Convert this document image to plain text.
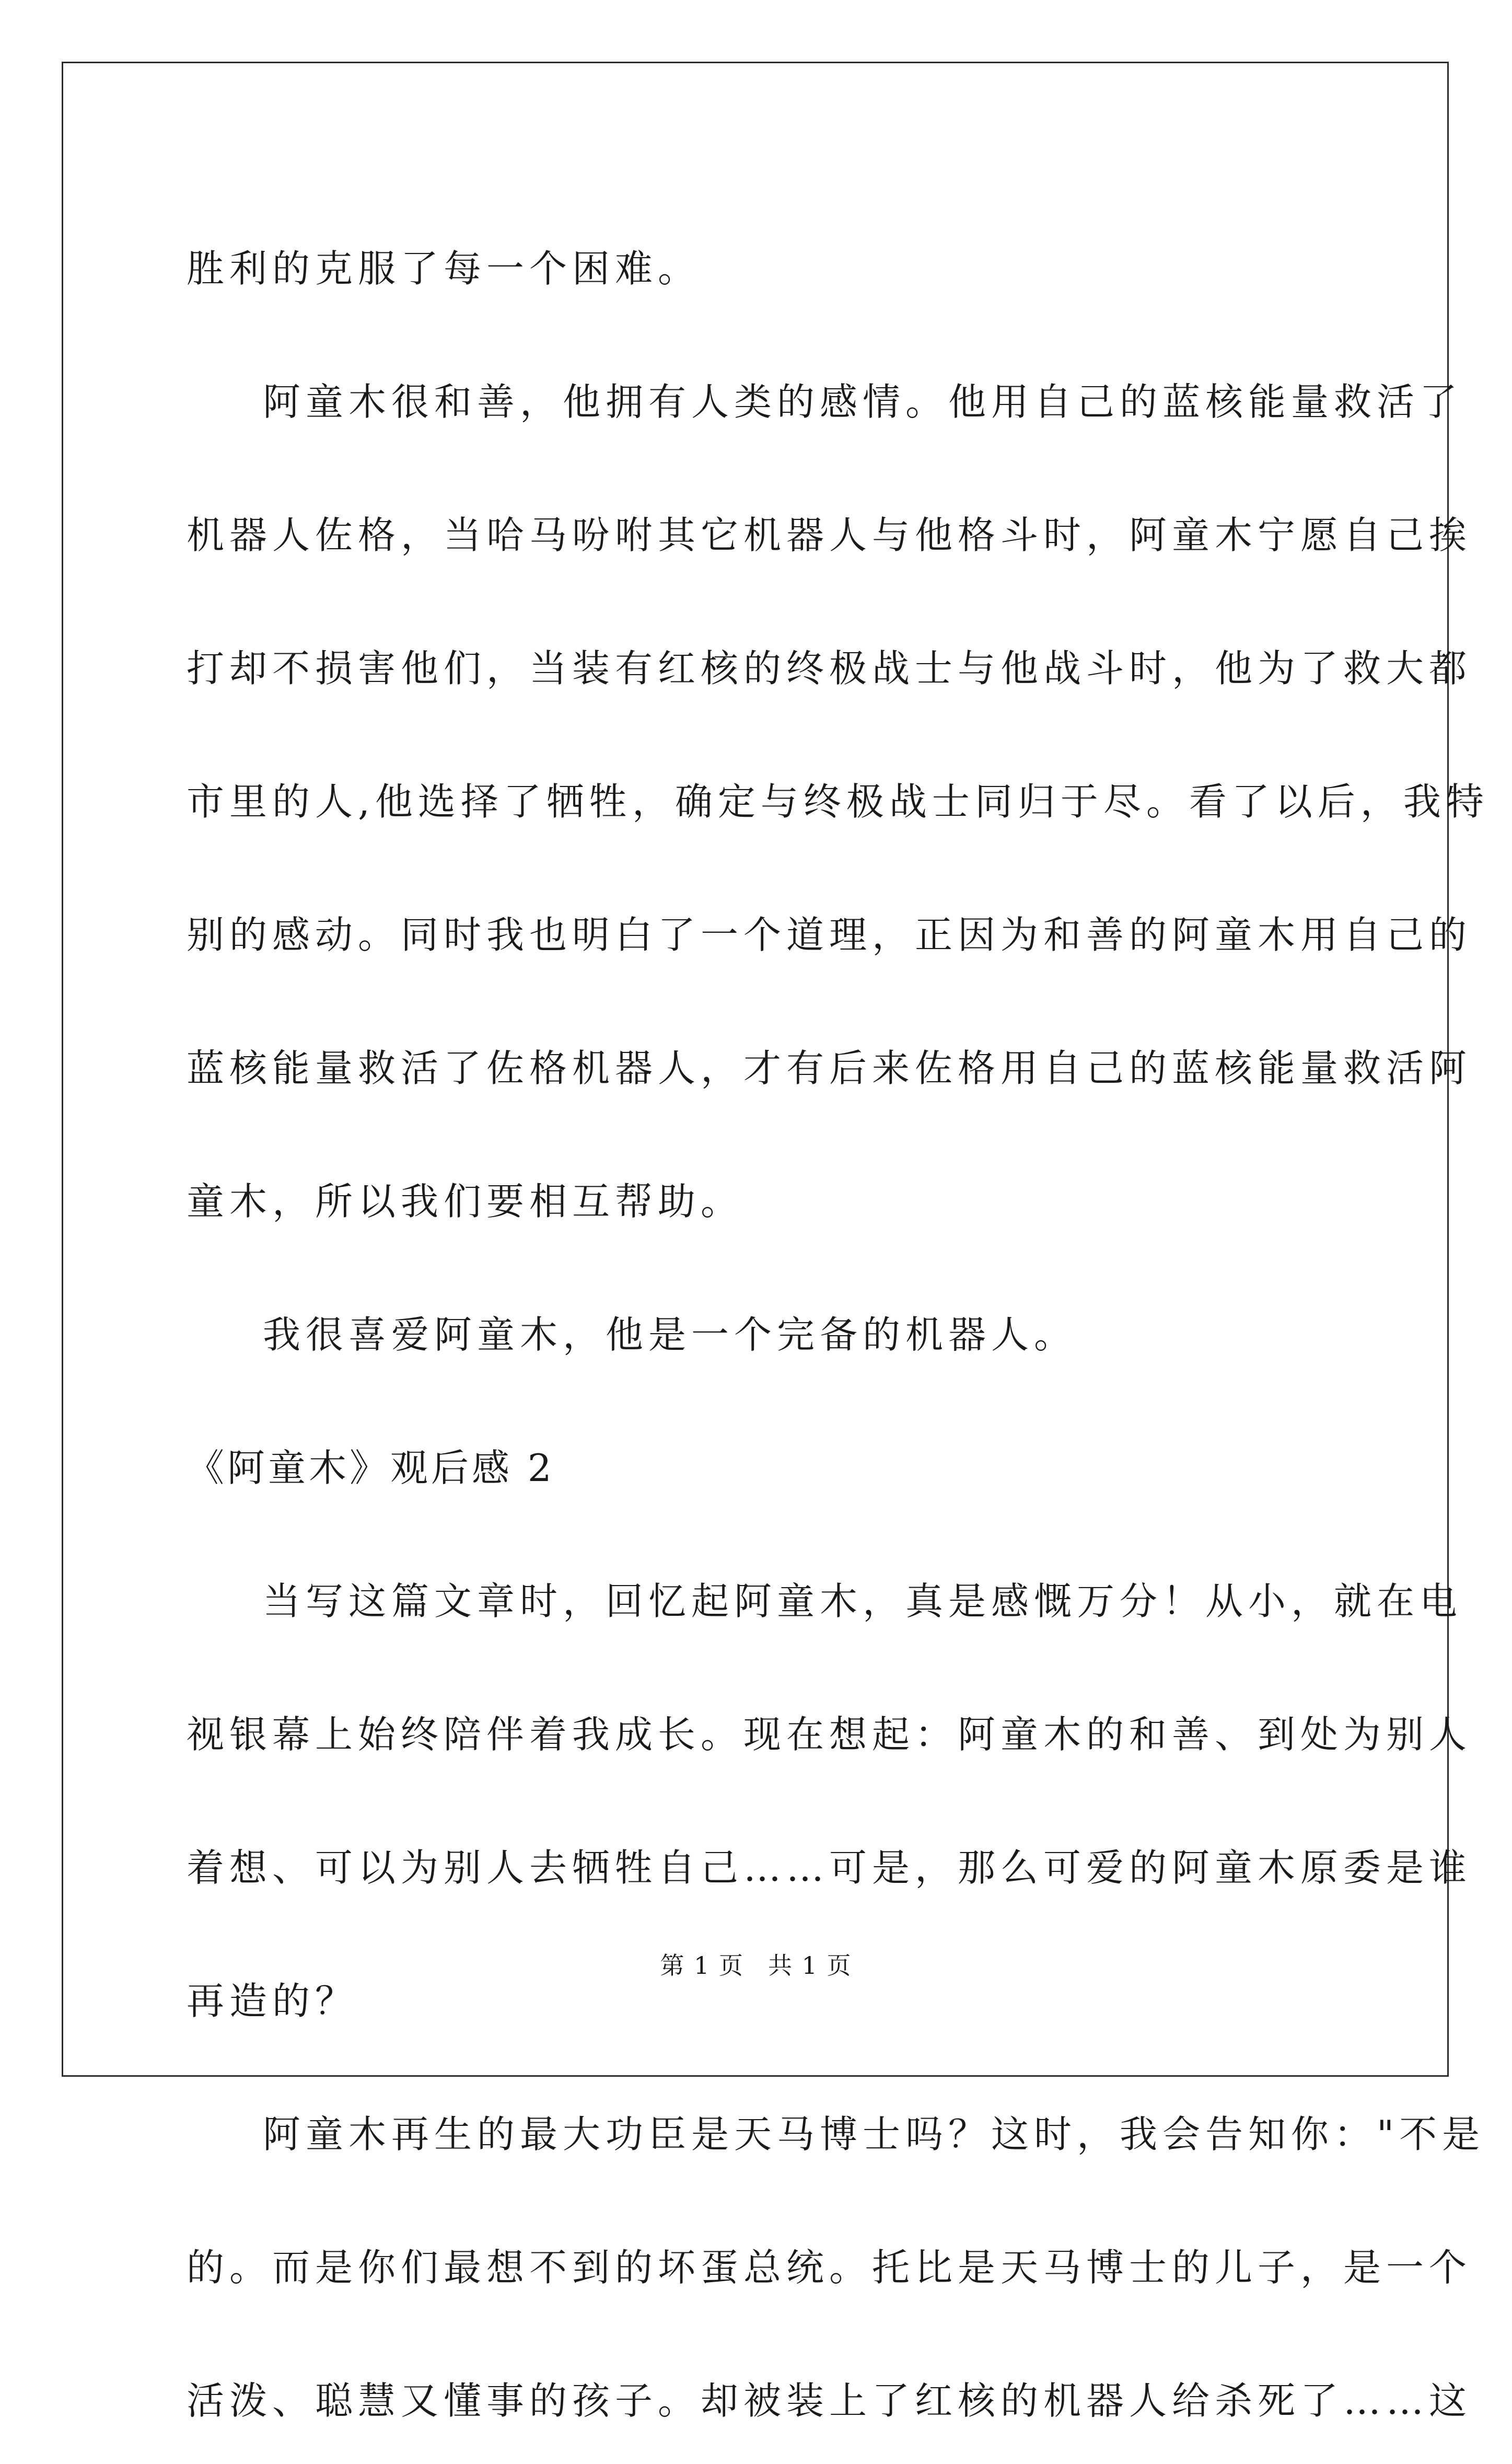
胜利的克服了每一个困难。
阿童木很和善，他拥有人类的感情。他用自己的蓝核能量救活了
机器人佐格，当哈马吩咐其它机器人与他格斗时，阿童木宁愿自己挨
打却不损害他们，当装有红核的终极战士与他战斗时，他为了救大都
市里的人,他选择了牺牲，确定与终极战士同归于尽。看了以后，我特
别的感动。同时我也明白了一个道理，正因为和善的阿童木用自己的
蓝核能量救活了佐格机器人，才有后来佐格用自己的蓝核能量救活阿
童木，所以我们要相互帮助。
我很喜爱阿童木，他是一个完备的机器人。
《阿童木》观后感 2
当写这篇文章时，回忆起阿童木，真是感慨万分！从小，就在电
视银幕上始终陪伴着我成长。现在想起：阿童木的和善、到处为别人
着想、可以为别人去牺牲自己……可是，那么可爱的阿童木原委是谁
再造的？
阿童木再生的最大功臣是天马博士吗？这时，我会告知你："不是
的。而是你们最想不到的坏蛋总统。托比是天马博士的儿子，是一个
活泼、聪慧又懂事的孩子。却被装上了红核的机器人给杀死了……这
第 1 页 共 1 页
